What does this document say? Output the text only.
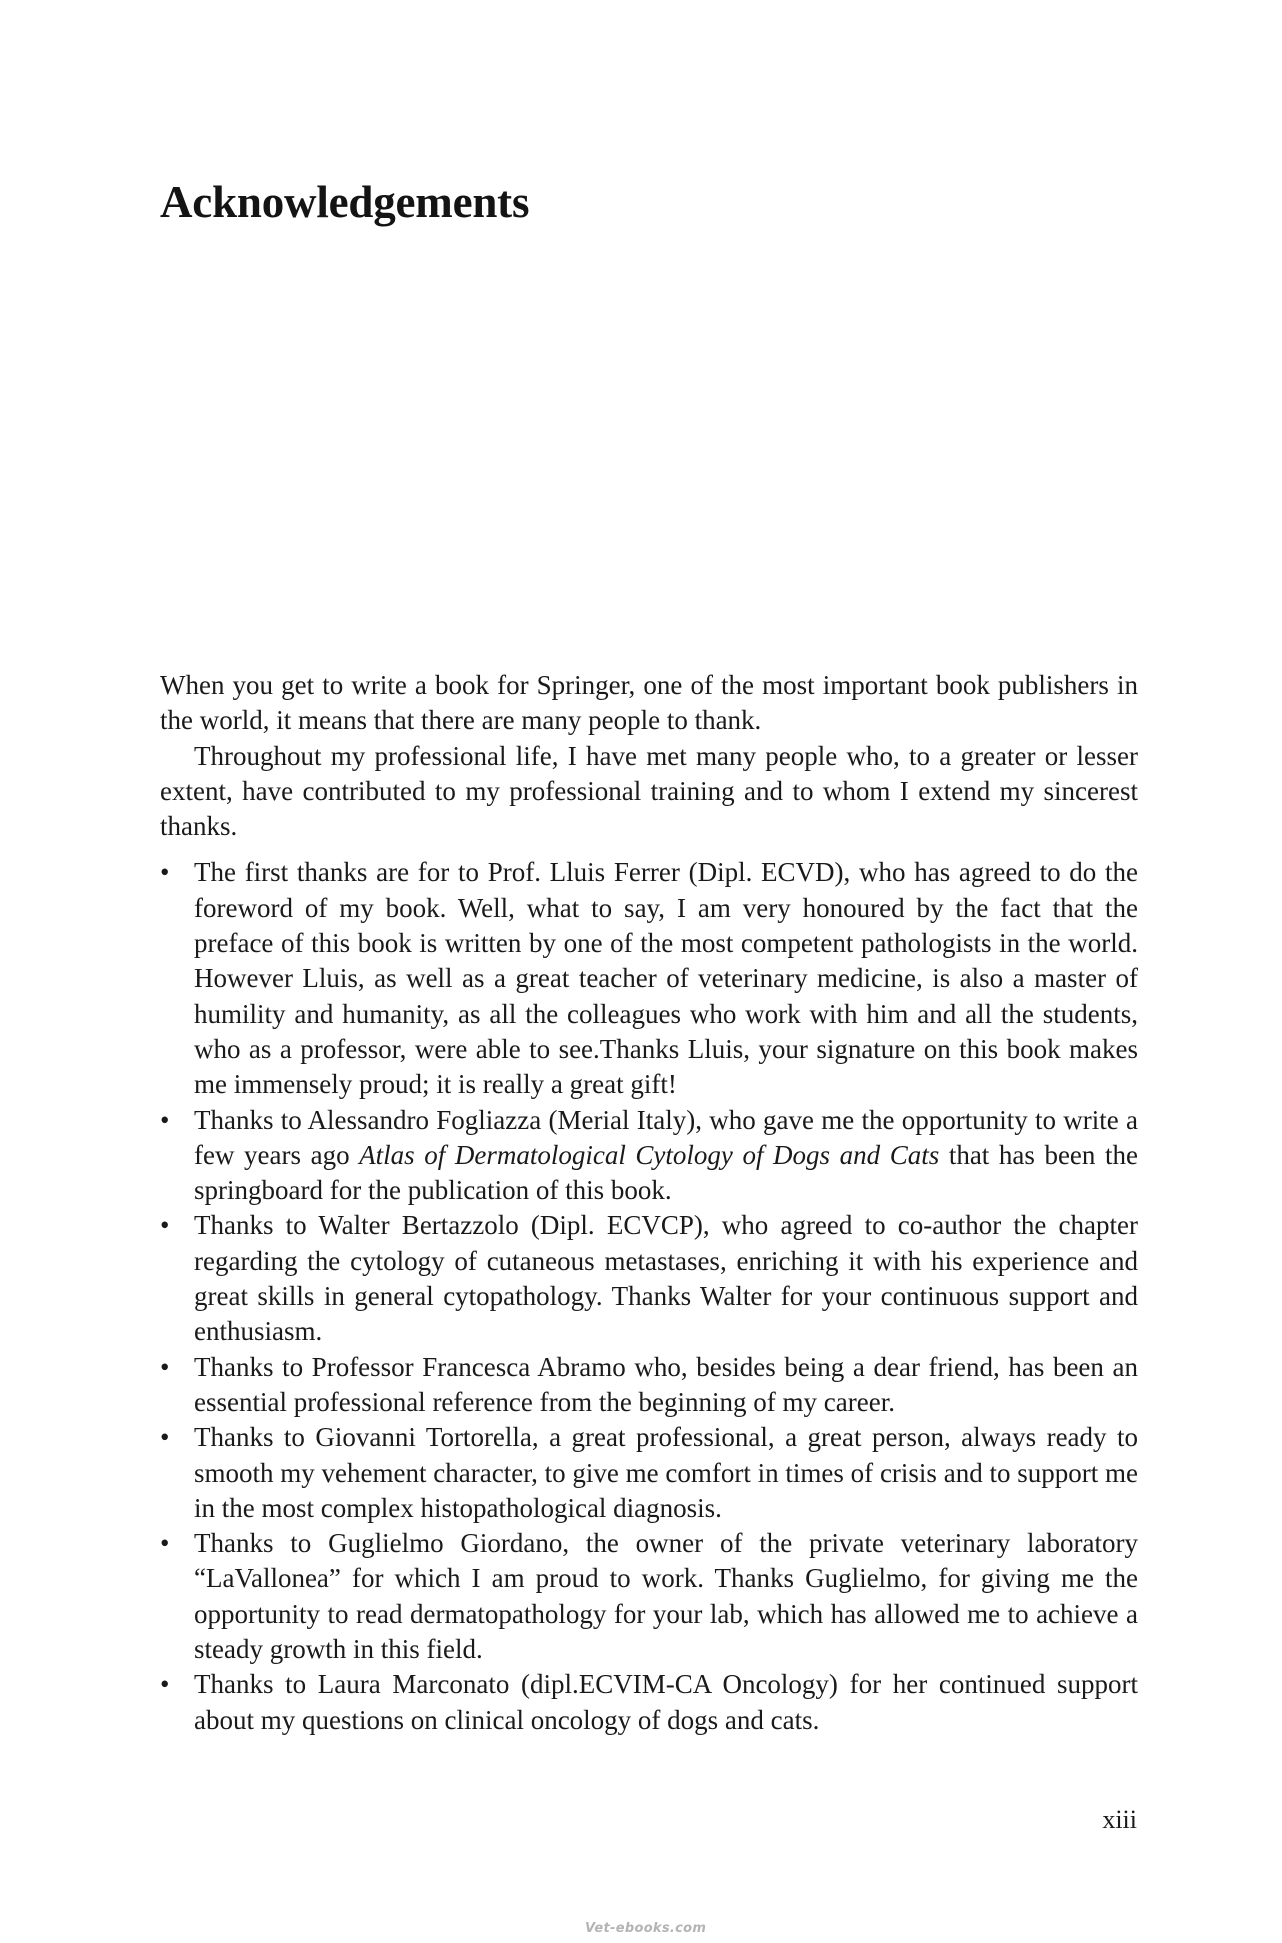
Acknowledgements

When you get to write a book for Springer, one of the most important book publishers in the world, it means that there are many people to thank.

Throughout my professional life, I have met many people who, to a greater or lesser extent, have contributed to my professional training and to whom I extend my sincerest thanks.

• The first thanks are for to Prof. Lluis Ferrer (Dipl. ECVD), who has agreed to do the foreword of my book. Well, what to say, I am very honoured by the fact that the preface of this book is written by one of the most competent pathologists in the world. However Lluis, as well as a great teacher of veterinary medicine, is also a master of humility and humanity, as all the colleagues who work with him and all the students, who as a professor, were able to see.Thanks Lluis, your signature on this book makes me immensely proud; it is really a great gift!
• Thanks to Alessandro Fogliazza (Merial Italy), who gave me the opportunity to write a few years ago Atlas of Dermatological Cytology of Dogs and Cats that has been the springboard for the publication of this book.
• Thanks to Walter Bertazzolo (Dipl. ECVCP), who agreed to co-author the chapter regarding the cytology of cutaneous metastases, enriching it with his experience and great skills in general cytopathology. Thanks Walter for your continuous support and enthusiasm.
• Thanks to Professor Francesca Abramo who, besides being a dear friend, has been an essential professional reference from the beginning of my career.
• Thanks to Giovanni Tortorella, a great professional, a great person, always ready to smooth my vehement character, to give me comfort in times of crisis and to support me in the most complex histopathological diagnosis.
• Thanks to Guglielmo Giordano, the owner of the private veterinary laboratory “LaVallonea” for which I am proud to work. Thanks Guglielmo, for giving me the opportunity to read dermatopathology for your lab, which has allowed me to achieve a steady growth in this field.
• Thanks to Laura Marconato (dipl.ECVIM-CA Oncology) for her continued support about my questions on clinical oncology of dogs and cats.
xiii
Vet-ebooks.com
